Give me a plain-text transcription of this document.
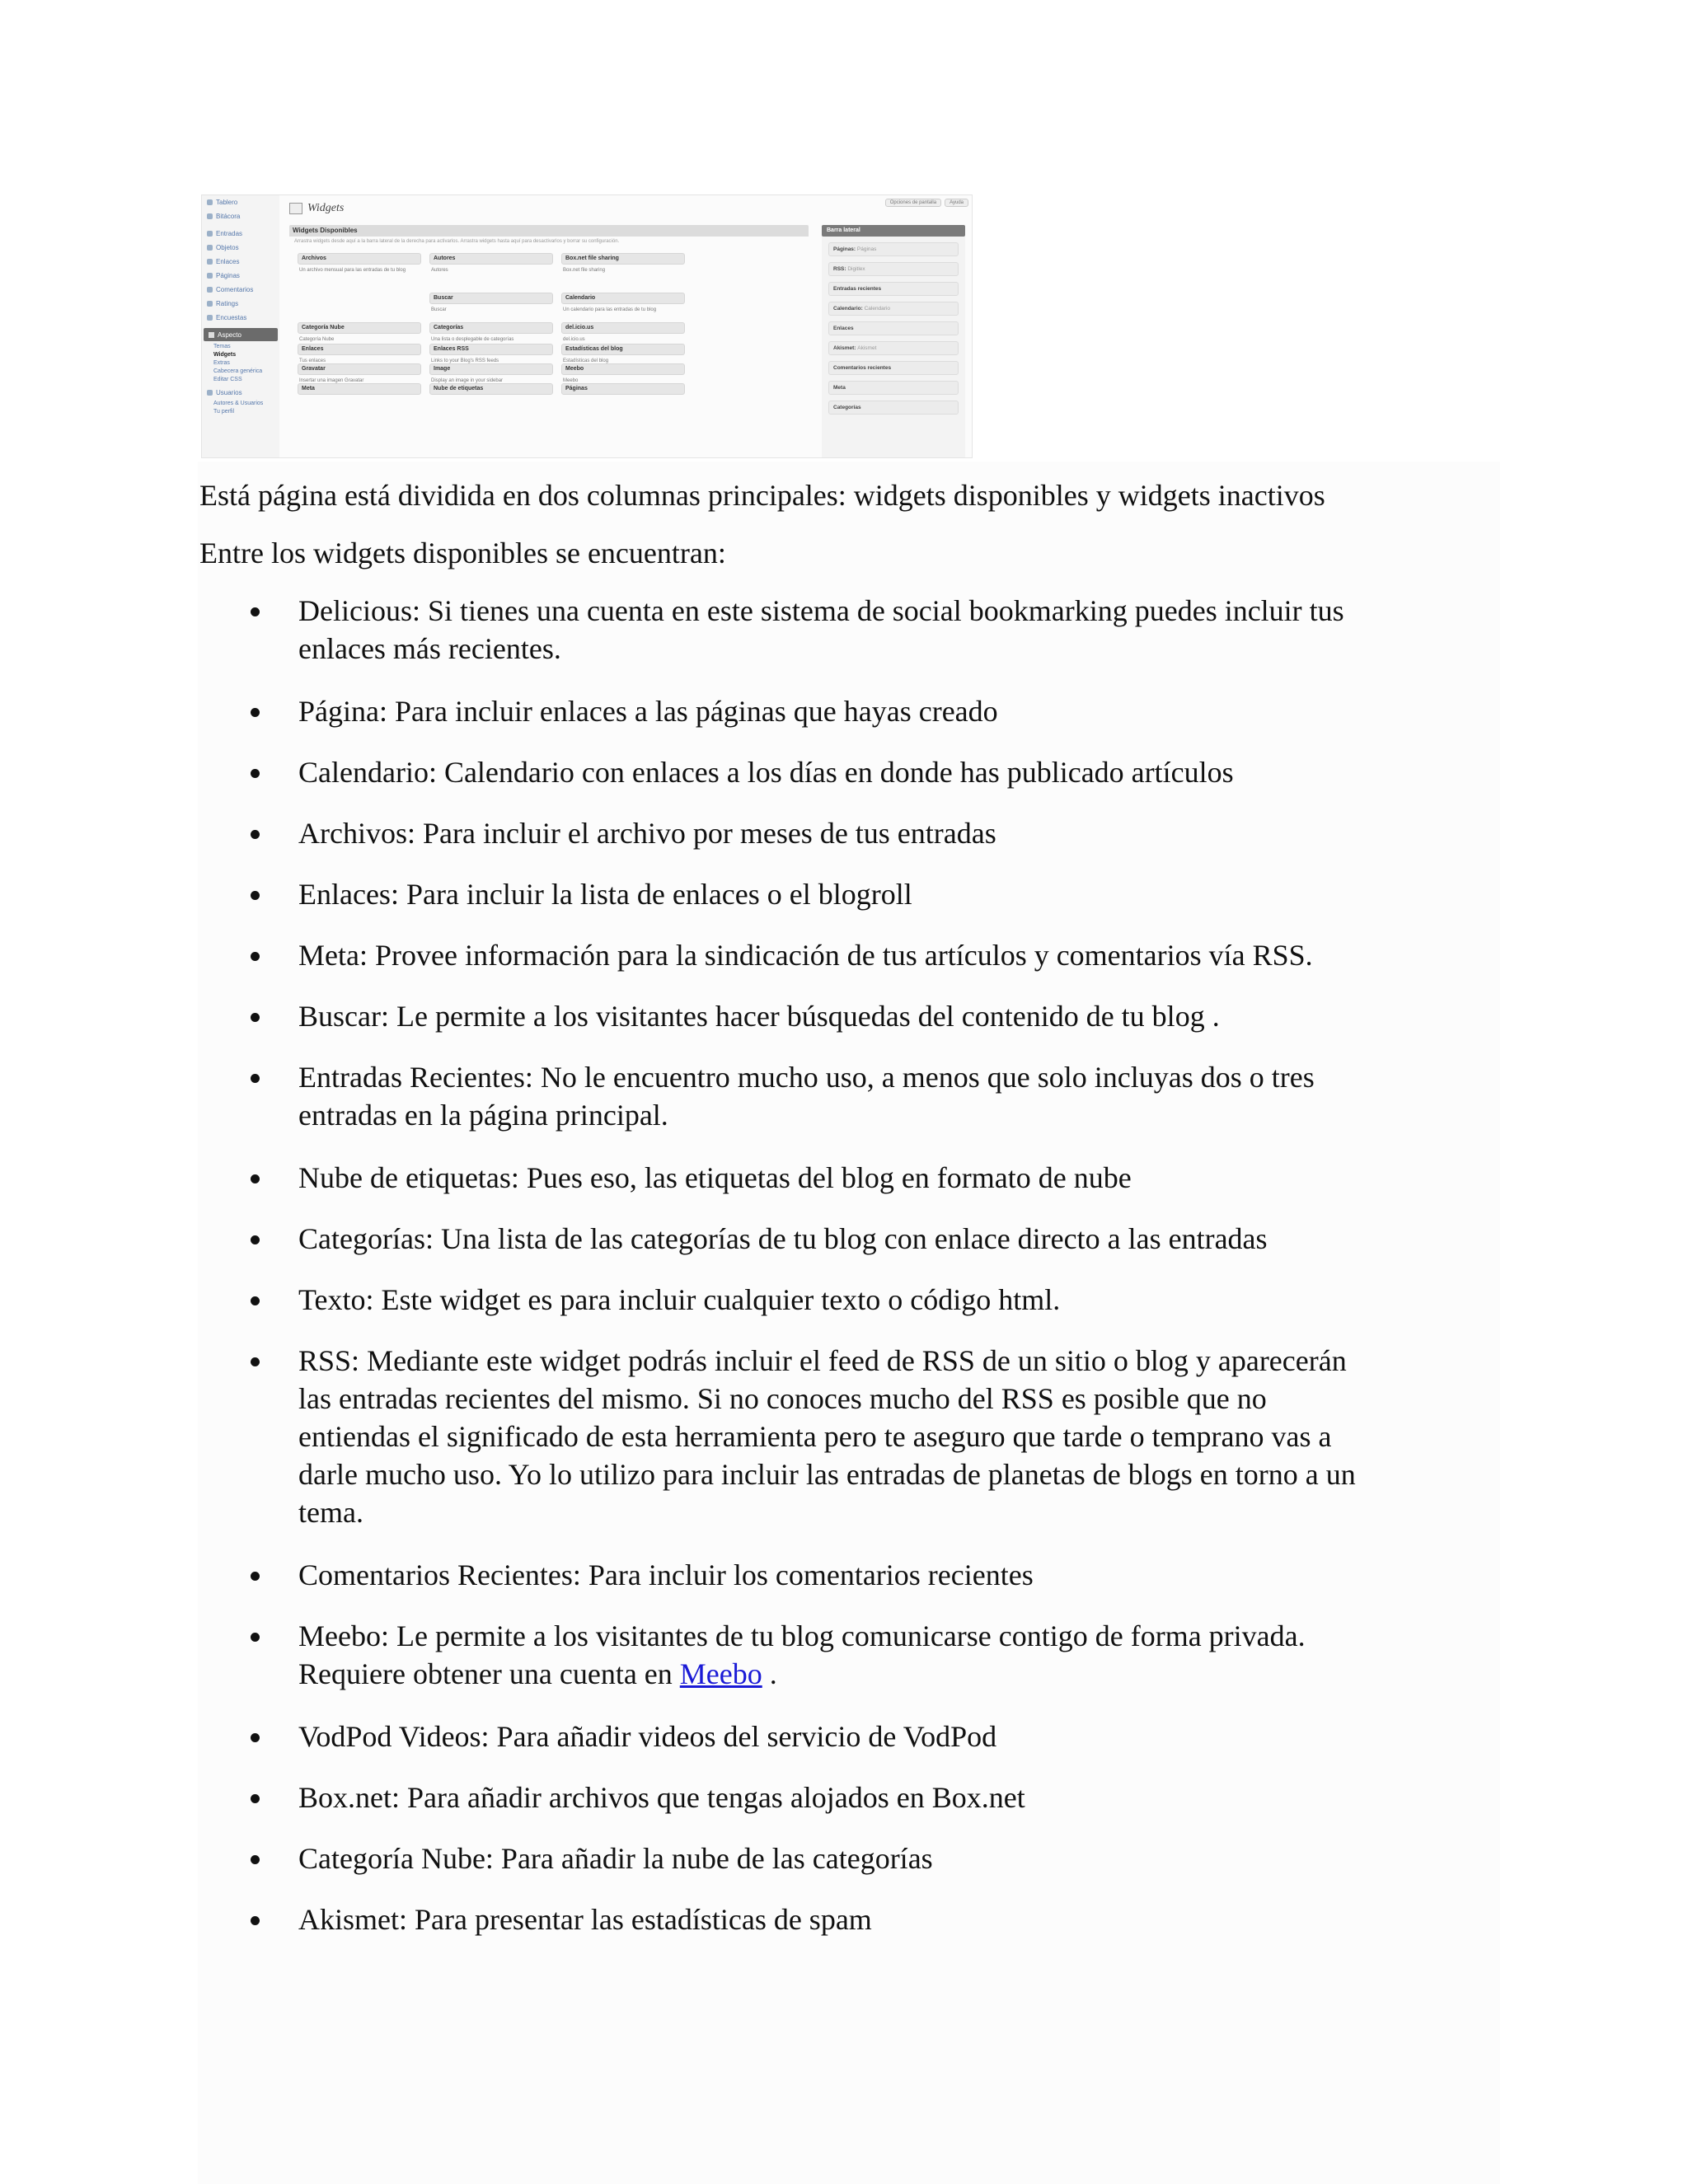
Tablero
Bitácora
Entradas
Objetos
Enlaces
Páginas
Comentarios
Ratings
Encuestas
Aspecto
Temas
Widgets
Extras
Cabecera genérica
Editar CSS
Usuarios
Autores & Usuarios
Tu perfil
Widgets	Opciones de pantalla	Ayuda
Widgets Disponibles
Arrastra widgets desde aquí a la barra lateral de la derecha para activarlos. Arrastra widgets hasta aquí para desactivarlos y borrar su configuración.
Archivos
Un archivo mensual para las entradas de tu blog
Autores
Autores
Box.net file sharing
Box.net file sharing
Buscar
Buscar
Calendario
Un calendario para las entradas de tu blog
Categoría Nube
Categoría Nube
Categorías
Una lista o desplegable de categorías
del.icio.us
del.icio.us
Enlaces
Tus enlaces
Enlaces RSS
Links to your Blog's RSS feeds
Estadísticas del blog
Estadísticas del blog
Gravatar
Insertar una imagen Gravatar
Image
Display an image in your sidebar
Meebo
Meebo
Meta	Nube de etiquetas	Páginas
Barra lateral
Páginas: Páginas
RSS: Digitlex
Entradas recientes
Calendario: Calendario
Enlaces
Akismet: Akismet
Comentarios recientes
Meta
Categorías

Está página está dividida en dos columnas principales: widgets disponibles y widgets inactivos

Entre los widgets disponibles se encuentran:

Delicious: Si tienes una cuenta en este sistema de social bookmarking puedes incluir tus
enlaces más recientes.
Página: Para incluir enlaces a las páginas que hayas creado
Calendario: Calendario con enlaces a los días en donde has publicado artículos
Archivos: Para incluir el archivo por meses de tus entradas
Enlaces: Para incluir la lista de enlaces o el blogroll
Meta: Provee información para la sindicación de tus artículos y comentarios vía RSS.
Buscar: Le permite a los visitantes hacer búsquedas del contenido de tu blog .
Entradas Recientes: No le encuentro mucho uso, a menos que solo incluyas dos o tres
entradas en la página principal.
Nube de etiquetas: Pues eso, las etiquetas del blog en formato de nube
Categorías: Una lista de las categorías de tu blog con enlace directo a las entradas
Texto: Este widget es para incluir cualquier texto o código html.
RSS: Mediante este widget podrás incluir el feed de RSS de un sitio o blog y aparecerán
las entradas recientes del mismo. Si no conoces mucho del RSS es posible que no
entiendas el significado de esta herramienta pero te aseguro que tarde o temprano vas a
darle mucho uso. Yo lo utilizo para incluir las entradas de planetas de blogs en torno a un
tema.
Comentarios Recientes: Para incluir los comentarios recientes
Meebo: Le permite a los visitantes de tu blog comunicarse contigo de forma privada.
Requiere obtener una cuenta en Meebo .
VodPod Videos: Para añadir videos del servicio de VodPod
Box.net: Para añadir archivos que tengas alojados en Box.net
Categoría Nube: Para añadir la nube de las categorías
Akismet: Para presentar las estadísticas de spam
